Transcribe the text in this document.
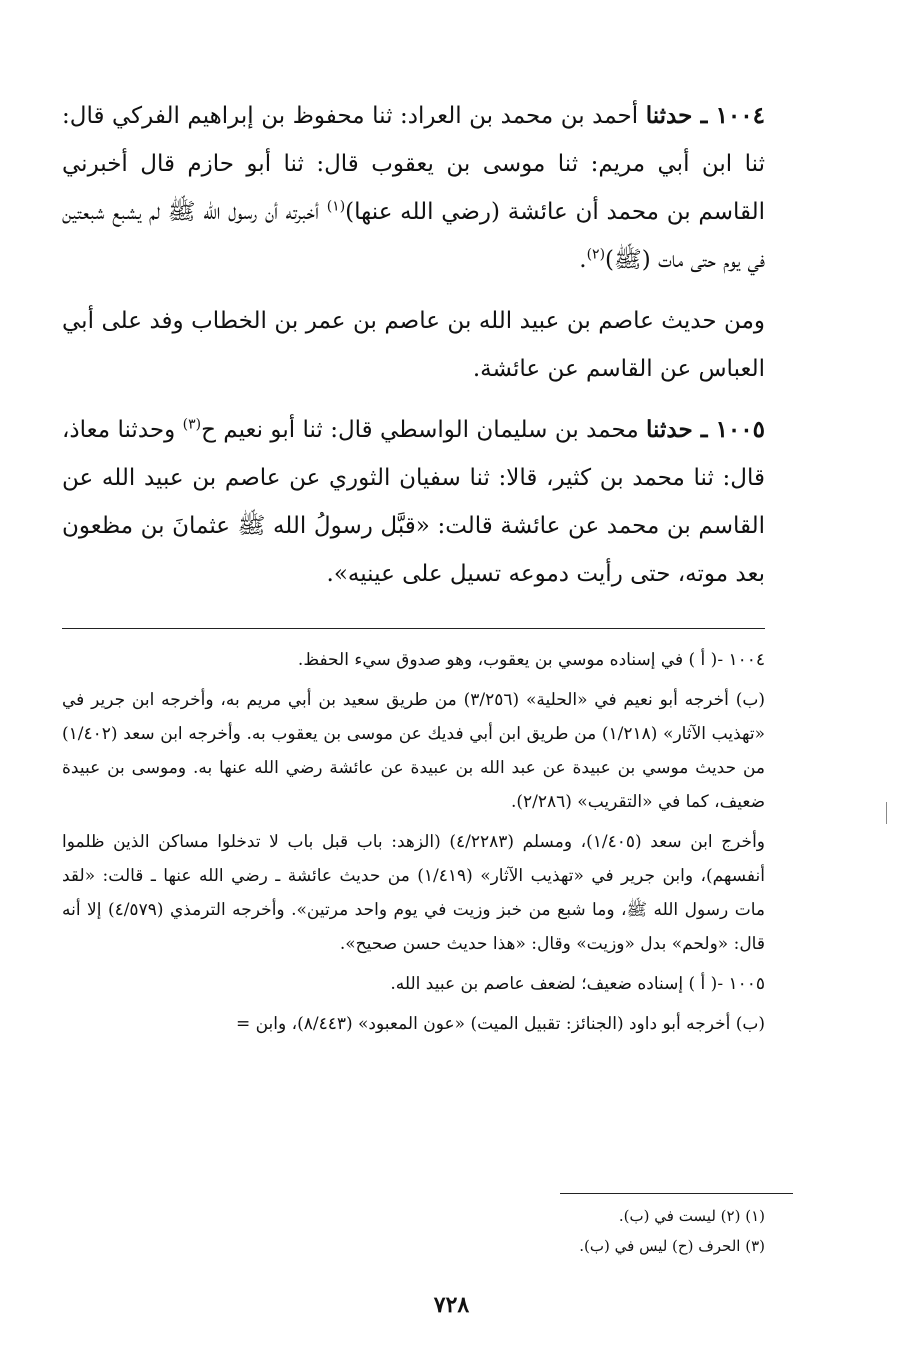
١٠٠٤ ـ حدثنا أحمد بن محمد بن العراد: ثنا محفوظ بن إبراهيم الفركي قال: ثنا ابن أبي مريم: ثنا موسى بن يعقوب قال: ثنا أبو حازم قال أخبرني القاسم بن محمد أن عائشة (رضي الله عنها)$^{(١)}$ أخبرته أن رسول الله ﷺ لم يشبع شبعتين في يوم حتى مات (ﷺ)$^{(٢)}$.

ومن حديث عاصم بن عبيد الله بن عاصم بن عمر بن الخطاب وفد على أبي العباس عن القاسم عن عائشة.

١٠٠٥ ـ حدثنا محمد بن سليمان الواسطي قال: ثنا أبو نعيم ح$^{(٣)}$ وحدثنا معاذ، قال: ثنا محمد بن كثير، قالا: ثنا سفيان الثوري عن عاصم بن عبيد الله عن القاسم بن محمد عن عائشة قالت: «قبَّل رسولُ الله ﷺ عثمانَ بن مظعون بعد موته، حتى رأيت دموعه تسيل على عينيه».

١٠٠٤ -( أ ) في إسناده موسي بن يعقوب، وهو صدوق سيء الحفظ.

(ب) أخرجه أبو نعيم في «الحلية» (٣/٢٥٦) من طريق سعيد بن أبي مريم به، وأخرجه ابن جرير في «تهذيب الآثار» (١/٢١٨) من طريق ابن أبي فديك عن موسى بن يعقوب به. وأخرجه ابن سعد (١/٤٠٢) من حديث موسي بن عبيدة عن عبد الله بن عبيدة عن عائشة رضي الله عنها به. وموسى بن عبيدة ضعيف، كما في «التقريب» (٢/٢٨٦).

وأخرج ابن سعد (١/٤٠٥)، ومسلم (٤/٢٢٨٣) (الزهد: باب قبل باب لا تدخلوا مساكن الذين ظلموا أنفسهم)، وابن جرير في «تهذيب الآثار» (١/٤١٩) من حديث عائشة ـ رضي الله عنها ـ قالت: «لقد مات رسول الله ﷺ، وما شبع من خبز وزيت في يوم واحد مرتين». وأخرجه الترمذي (٤/٥٧٩) إلا أنه قال: «ولحم» بدل «وزيت» وقال: «هذا حديث حسن صحيح».

١٠٠٥ -( أ ) إسناده ضعيف؛ لضعف عاصم بن عبيد الله.

(ب) أخرجه أبو داود (الجنائز: تقبيل الميت) «عون المعبود» (٨/٤٤٣)، وابن =

(١) (٢) ليست في (ب).

(٣) الحرف (ح) ليس في (ب).

٧٢٨
